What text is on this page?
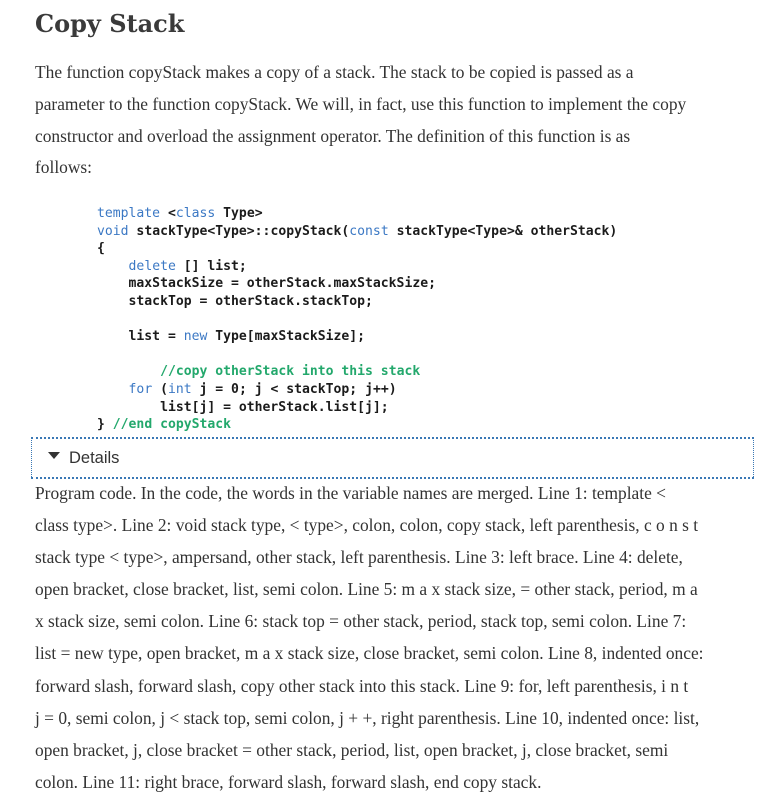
Copy Stack

The function copyStack makes a copy of a stack. The stack to be copied is passed as a
parameter to the function copyStack. We will, in fact, use this function to implement the copy
constructor and overload the assignment operator. The definition of this function is as
follows:

template <class Type>
void stackType<Type>::copyStack(const stackType<Type>& otherStack)
{
delete [] list;
maxStackSize = otherStack.maxStackSize;
stackTop = otherStack.stackTop;
list = new Type[maxStackSize];
//copy otherStack into this stack
for (int j = 0; j < stackTop; j++)
list[j] = otherStack.list[j];
} //end copyStack
Details

Program code. In the code, the words in the variable names are merged. Line 1: template <
class type>. Line 2: void stack type, < type>, colon, colon, copy stack, left parenthesis, c o n s t
stack type < type>, ampersand, other stack, left parenthesis. Line 3: left brace. Line 4: delete,
open bracket, close bracket, list, semi colon. Line 5: m a x stack size, = other stack, period, m a
x stack size, semi colon. Line 6: stack top = other stack, period, stack top, semi colon. Line 7:
list = new type, open bracket, m a x stack size, close bracket, semi colon. Line 8, indented once:
forward slash, forward slash, copy other stack into this stack. Line 9: for, left parenthesis, i n t
j = 0, semi colon, j < stack top, semi colon, j + +, right parenthesis. Line 10, indented once: list,
open bracket, j, close bracket = other stack, period, list, open bracket, j, close bracket, semi
colon. Line 11: right brace, forward slash, forward slash, end copy stack.
